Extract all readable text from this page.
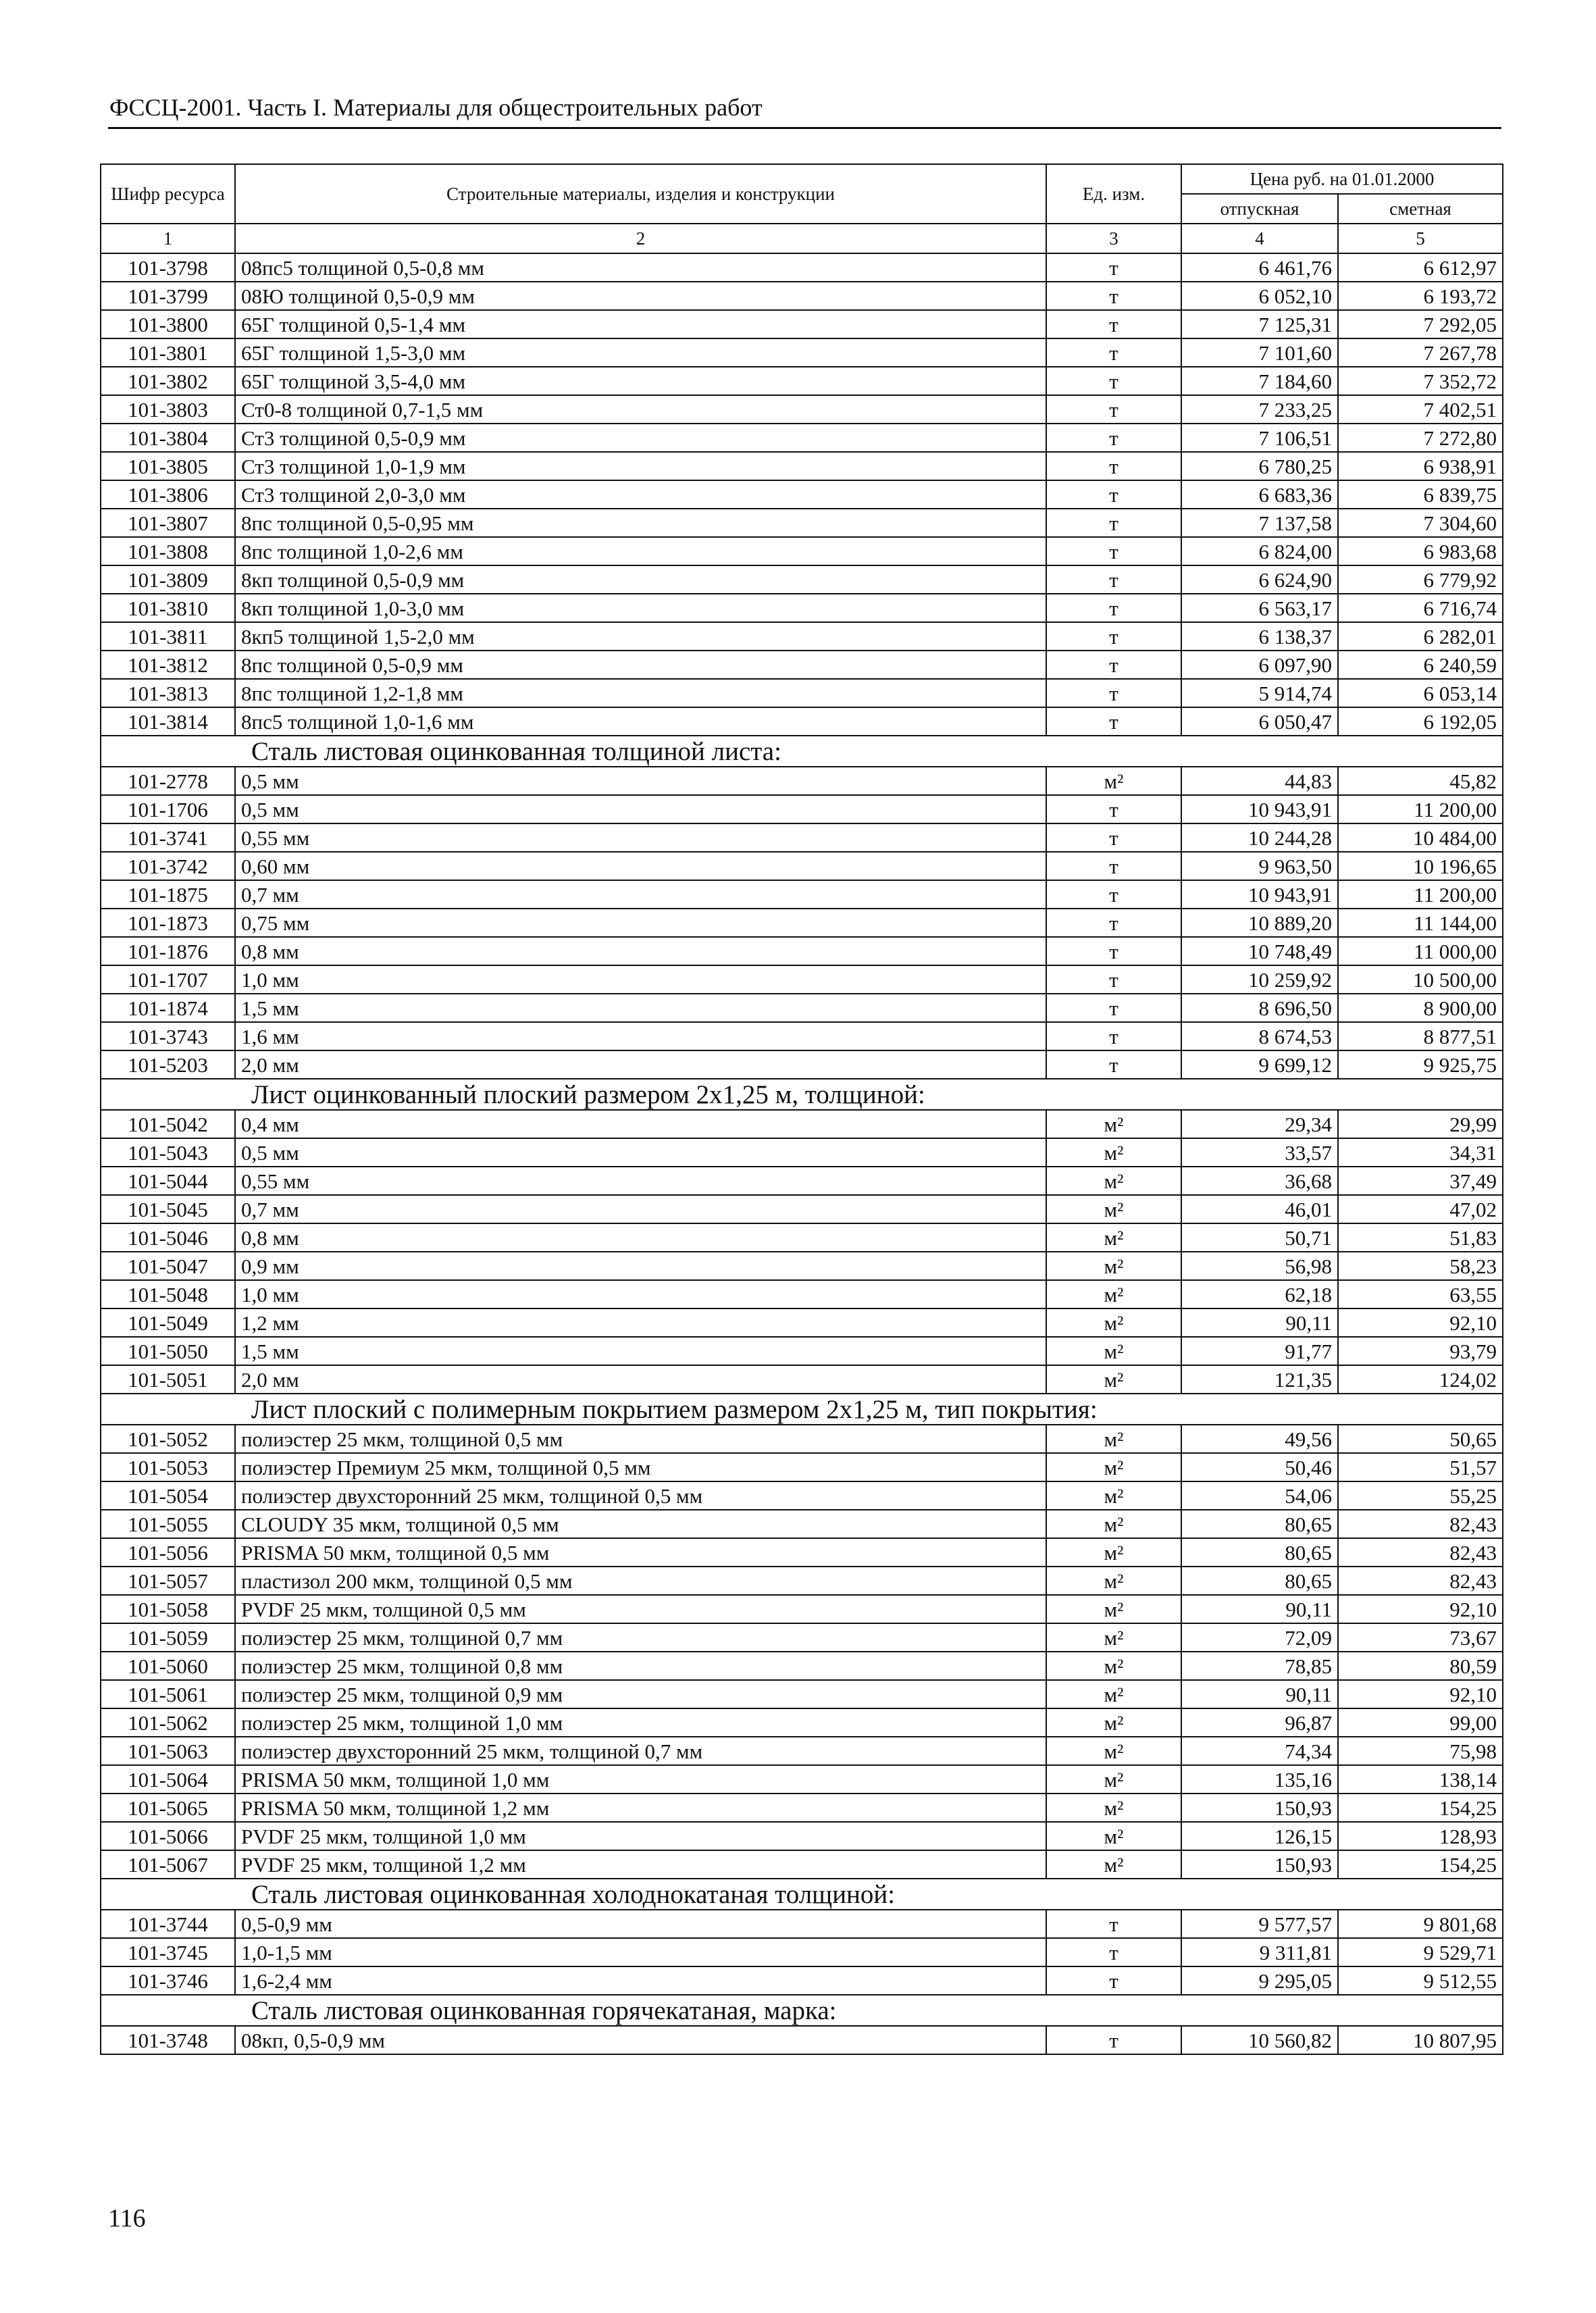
ФССЦ-2001. Часть I. Материалы для общестроительных работ
Шифр ресурса	Строительные материалы, изделия и конструкции	Ед. изм.	Цена руб. на 01.01.2000	
			отпускная	сметная
1	2	3	4	5
101-3798	08пс5 толщиной 0,5-0,8 мм	т	6 461,76	6 612,97
101-3799	08Ю толщиной 0,5-0,9 мм	т	6 052,10	6 193,72
101-3800	65Г толщиной 0,5-1,4 мм	т	7 125,31	7 292,05
101-3801	65Г толщиной 1,5-3,0 мм	т	7 101,60	7 267,78
101-3802	65Г толщиной 3,5-4,0 мм	т	7 184,60	7 352,72
101-3803	Ст0-8 толщиной 0,7-1,5 мм	т	7 233,25	7 402,51
101-3804	Ст3 толщиной 0,5-0,9 мм	т	7 106,51	7 272,80
101-3805	Ст3 толщиной 1,0-1,9 мм	т	6 780,25	6 938,91
101-3806	Ст3 толщиной 2,0-3,0 мм	т	6 683,36	6 839,75
101-3807	8пс толщиной 0,5-0,95 мм	т	7 137,58	7 304,60
101-3808	8пс толщиной 1,0-2,6 мм	т	6 824,00	6 983,68
101-3809	8кп толщиной 0,5-0,9 мм	т	6 624,90	6 779,92
101-3810	8кп толщиной 1,0-3,0 мм	т	6 563,17	6 716,74
101-3811	8кп5 толщиной 1,5-2,0 мм	т	6 138,37	6 282,01
101-3812	8пс толщиной 0,5-0,9 мм	т	6 097,90	6 240,59
101-3813	8пс толщиной 1,2-1,8 мм	т	5 914,74	6 053,14
101-3814	8пс5 толщиной 1,0-1,6 мм	т	6 050,47	6 192,05
Сталь листовая оцинкованная толщиной листа:				
101-2778	0,5 мм	м²	44,83	45,82
101-1706	0,5 мм	т	10 943,91	11 200,00
101-3741	0,55 мм	т	10 244,28	10 484,00
101-3742	0,60 мм	т	9 963,50	10 196,65
101-1875	0,7 мм	т	10 943,91	11 200,00
101-1873	0,75 мм	т	10 889,20	11 144,00
101-1876	0,8 мм	т	10 748,49	11 000,00
101-1707	1,0 мм	т	10 259,92	10 500,00
101-1874	1,5 мм	т	8 696,50	8 900,00
101-3743	1,6 мм	т	8 674,53	8 877,51
101-5203	2,0 мм	т	9 699,12	9 925,75
Лист оцинкованный плоский размером 2х1,25 м, толщиной:				
101-5042	0,4 мм	м²	29,34	29,99
101-5043	0,5 мм	м²	33,57	34,31
101-5044	0,55 мм	м²	36,68	37,49
101-5045	0,7 мм	м²	46,01	47,02
101-5046	0,8 мм	м²	50,71	51,83
101-5047	0,9 мм	м²	56,98	58,23
101-5048	1,0 мм	м²	62,18	63,55
101-5049	1,2 мм	м²	90,11	92,10
101-5050	1,5 мм	м²	91,77	93,79
101-5051	2,0 мм	м²	121,35	124,02
Лист плоский с полимерным покрытием размером 2х1,25 м, тип покрытия:				
101-5052	полиэстер 25 мкм, толщиной 0,5 мм	м²	49,56	50,65
101-5053	полиэстер Премиум 25 мкм, толщиной 0,5 мм	м²	50,46	51,57
101-5054	полиэстер двухсторонний 25 мкм, толщиной 0,5 мм	м²	54,06	55,25
101-5055	CLOUDY 35 мкм, толщиной 0,5 мм	м²	80,65	82,43
101-5056	PRISMA 50 мкм, толщиной 0,5 мм	м²	80,65	82,43
101-5057	пластизол 200 мкм, толщиной 0,5 мм	м²	80,65	82,43
101-5058	PVDF 25 мкм, толщиной 0,5 мм	м²	90,11	92,10
101-5059	полиэстер 25 мкм, толщиной 0,7 мм	м²	72,09	73,67
101-5060	полиэстер 25 мкм, толщиной 0,8 мм	м²	78,85	80,59
101-5061	полиэстер 25 мкм, толщиной 0,9 мм	м²	90,11	92,10
101-5062	полиэстер 25 мкм, толщиной 1,0 мм	м²	96,87	99,00
101-5063	полиэстер двухсторонний 25 мкм, толщиной 0,7 мм	м²	74,34	75,98
101-5064	PRISMA 50 мкм, толщиной 1,0 мм	м²	135,16	138,14
101-5065	PRISMA 50 мкм, толщиной 1,2 мм	м²	150,93	154,25
101-5066	PVDF 25 мкм, толщиной 1,0 мм	м²	126,15	128,93
101-5067	PVDF 25 мкм, толщиной 1,2 мм	м²	150,93	154,25
Сталь листовая оцинкованная холоднокатаная толщиной:				
101-3744	0,5-0,9 мм	т	9 577,57	9 801,68
101-3745	1,0-1,5 мм	т	9 311,81	9 529,71
101-3746	1,6-2,4 мм	т	9 295,05	9 512,55
Сталь листовая оцинкованная горячекатаная, марка:				
101-3748	08кп, 0,5-0,9 мм	т	10 560,82	10 807,95
116
